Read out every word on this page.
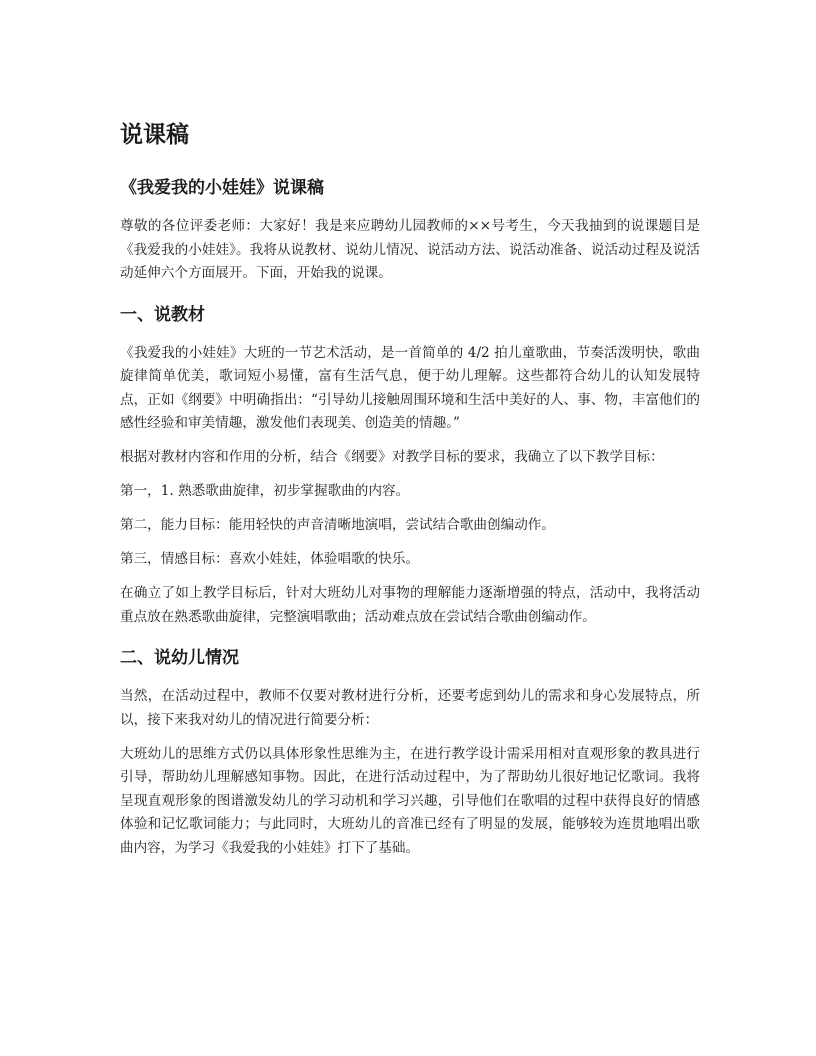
说课稿
《我爱我的小娃娃》说课稿

尊敬的各位评委老师：大家好！我是来应聘幼儿园教师的××号考生，今天我抽到的说课题目是《我爱我的小娃娃》。我将从说教材、说幼儿情况、说活动方法、说活动准备、说活动过程及说活动延伸六个方面展开。下面，开始我的说课。

一、说教材

《我爱我的小娃娃》大班的一节艺术活动，是一首简单的 4/2 拍儿童歌曲，节奏活泼明快，歌曲旋律简单优美，歌词短小易懂，富有生活气息，便于幼儿理解。这些都符合幼儿的认知发展特点，正如《纲要》中明确指出：“引导幼儿接触周围环境和生活中美好的人、事、物，丰富他们的感性经验和审美情趣，激发他们表现美、创造美的情趣。”

根据对教材内容和作用的分析，结合《纲要》对教学目标的要求，我确立了以下教学目标：

第一，1. 熟悉歌曲旋律，初步掌握歌曲的内容。

第二，能力目标：能用轻快的声音清晰地演唱，尝试结合歌曲创编动作。

第三，情感目标：喜欢小娃娃，体验唱歌的快乐。

在确立了如上教学目标后，针对大班幼儿对事物的理解能力逐渐增强的特点，活动中，我将活动重点放在熟悉歌曲旋律，完整演唱歌曲；活动难点放在尝试结合歌曲创编动作。

二、说幼儿情况

当然，在活动过程中，教师不仅要对教材进行分析，还要考虑到幼儿的需求和身心发展特点，所以，接下来我对幼儿的情况进行简要分析：

大班幼儿的思维方式仍以具体形象性思维为主，在进行教学设计需采用相对直观形象的教具进行引导，帮助幼儿理解感知事物。因此，在进行活动过程中，为了帮助幼儿很好地记忆歌词。我将呈现直观形象的图谱激发幼儿的学习动机和学习兴趣，引导他们在歌唱的过程中获得良好的情感体验和记忆歌词能力；与此同时，大班幼儿的音准已经有了明显的发展，能够较为连贯地唱出歌曲内容，为学习《我爱我的小娃娃》打下了基础。
